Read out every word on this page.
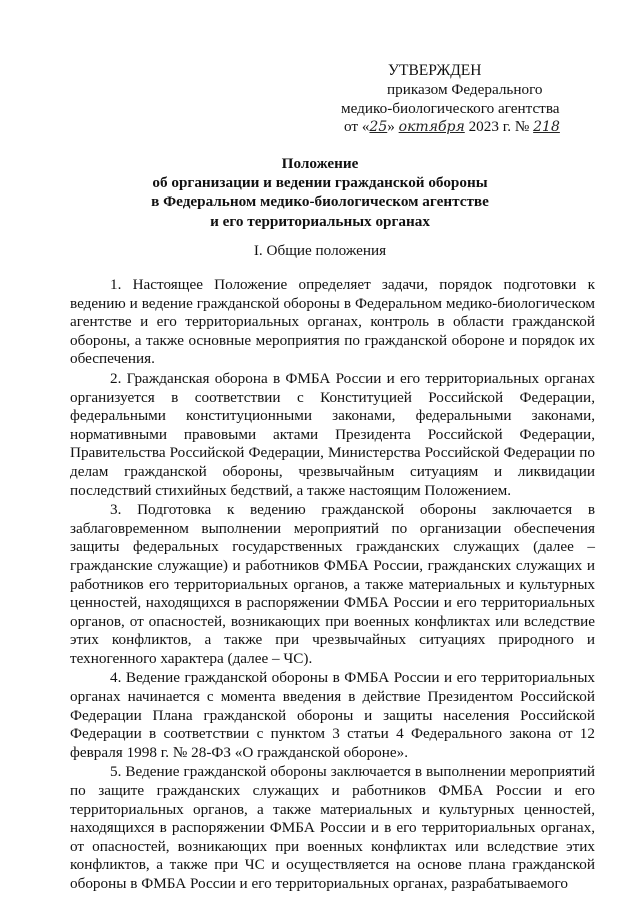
УТВЕРЖДЕН
приказом Федерального
медико-биологического агентства
от «25» октября 2023 г. № 218
Положение
об организации и ведении гражданской обороны
в Федеральном медико-биологическом агентстве
и его территориальных органах
I. Общие положения

1. Настоящее Положение определяет задачи, порядок подготовки к ведению и ведение гражданской обороны в Федеральном медико-биологическом агентстве и его территориальных органах, контроль в области гражданской обороны, а также основные мероприятия по гражданской обороне и порядок их обеспечения.

2. Гражданская оборона в ФМБА России и его территориальных органах организуется в соответствии с Конституцией Российской Федерации, федеральными конституционными законами, федеральными законами, нормативными правовыми актами Президента Российской Федерации, Правительства Российской Федерации, Министерства Российской Федерации по делам гражданской обороны, чрезвычайным ситуациям и ликвидации последствий стихийных бедствий, а также настоящим Положением.

3. Подготовка к ведению гражданской обороны заключается в заблаговременном выполнении мероприятий по организации обеспечения защиты федеральных государственных гражданских служащих (далее – гражданские служащие) и работников ФМБА России, гражданских служащих и работников его территориальных органов, а также материальных и культурных ценностей, находящихся в распоряжении ФМБА России и его территориальных органов, от опасностей, возникающих при военных конфликтах или вследствие этих конфликтов, а также при чрезвычайных ситуациях природного и техногенного характера (далее – ЧС).

4. Ведение гражданской обороны в ФМБА России и его территориальных органах начинается с момента введения в действие Президентом Российской Федерации Плана гражданской обороны и защиты населения Российской Федерации в соответствии с пунктом 3 статьи 4 Федерального закона от 12 февраля 1998 г. № 28-ФЗ «О гражданской обороне».

5. Ведение гражданской обороны заключается в выполнении мероприятий по защите гражданских служащих и работников ФМБА России и его территориальных органов, а также материальных и культурных ценностей, находящихся в распоряжении ФМБА России и в его территориальных органах, от опасностей, возникающих при военных конфликтах или вследствие этих конфликтов, а также при ЧС и осуществляется на основе плана гражданской обороны в ФМБА России и его территориальных органах, разрабатываемого
